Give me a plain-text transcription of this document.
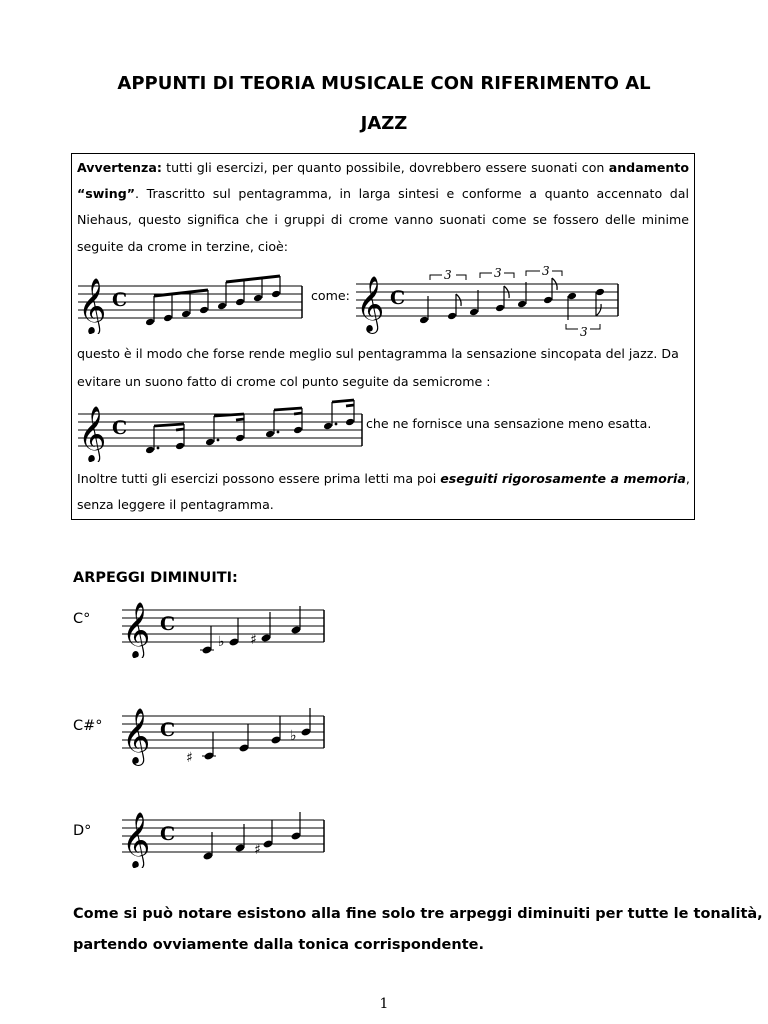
APPUNTI DI TEORIA MUSICALE CON RIFERIMENTO AL
JAZZ
Avvertenza: tutti gli esercizi, per quanto possibile, dovrebbero essere suonati con andamento
“swing”. Trascritto sul pentagramma, in larga sintesi e conforme a quanto accennato dal
Niehaus, questo significa che i gruppi di crome vanno suonati come se fossero delle minime
seguite da crome in terzine, cioè:
come:
questo è il modo che forse rende meglio sul pentagramma la sensazione sincopata del jazz. Da
evitare un suono fatto di crome col punto seguite da semicrome :
che ne fornisce una sensazione meno esatta.
Inoltre tutti gli esercizi possono essere prima letti ma poi eseguiti rigorosamente a memoria,
senza leggere il pentagramma.
𝄞 C	𝄞 C
3	3	3
3
𝄞 C
ARPEGGI DIMINUITI:
C° 𝄞 C
♭ ♯
C#° 𝄞 C
♯
♭
D° 𝄞 C
♯
Come si può notare esistono alla fine solo tre arpeggi diminuiti per tutte le tonalità,
partendo ovviamente dalla tonica corrispondente.
1
